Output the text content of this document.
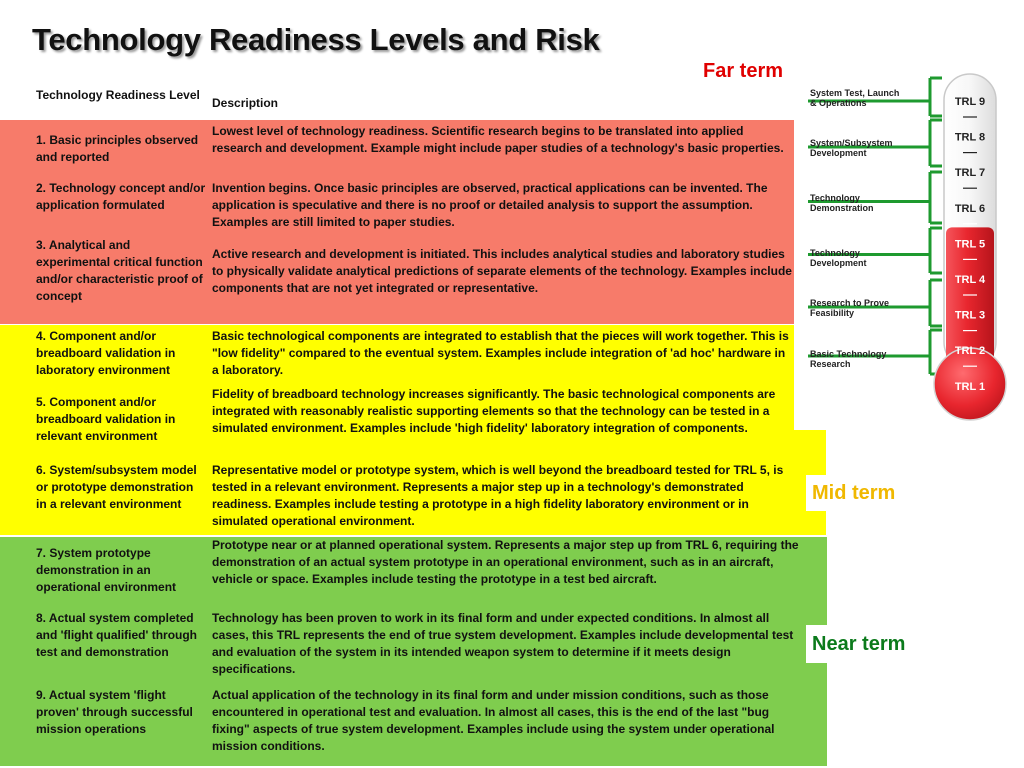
Technology Readiness Levels and Risk
Technology Readiness Level
Description
1. Basic principles observed and reported
Lowest level of technology readiness. Scientific research begins to be translated into applied research and development. Example might include paper studies of a technology's basic properties.
2. Technology concept and/or application formulated
Invention begins. Once basic principles are observed, practical applications can be invented. The application is speculative and there is no proof or detailed analysis to support the assumption. Examples are still limited to paper studies.
3. Analytical and experimental critical function and/or characteristic proof of concept
Active research and development is initiated. This includes analytical studies and laboratory studies to physically validate analytical predictions of separate elements of the technology. Examples include components that are not yet integrated or representative.
4. Component and/or breadboard validation in laboratory environment
Basic technological components are integrated to establish that the pieces will work together. This is "low fidelity" compared to the eventual system. Examples include integration of 'ad hoc' hardware in a laboratory.
5. Component and/or breadboard validation in relevant environment
Fidelity of breadboard technology increases significantly. The basic technological components are integrated with reasonably realistic supporting elements so that the technology can be tested in a simulated environment. Examples include 'high fidelity' laboratory integration of components.
6. System/subsystem model or prototype demonstration in a relevant environment
Representative model or prototype system, which is well beyond the breadboard tested for TRL 5, is tested in a relevant environment. Represents a major step up in a technology's demonstrated readiness. Examples include testing a prototype in a high fidelity laboratory environment or in simulated operational environment.
7. System prototype demonstration in an operational environment
Prototype near or at planned operational system. Represents a major step up from TRL 6, requiring the demonstration of an actual system prototype in an operational environment, such as in an aircraft, vehicle or space. Examples include testing the prototype in a test bed aircraft.
8. Actual system completed and 'flight qualified' through test and demonstration
Technology has been proven to work in its final form and under expected conditions. In almost all cases, this TRL represents the end of true system development. Examples include developmental test and evaluation of the system in its intended weapon system to determine if it meets design specifications.
9. Actual system 'flight proven' through successful mission operations
Actual application of the technology in its final form and under mission conditions, such as those encountered in operational test and evaluation. In almost all cases, this is the end of the last "bug fixing" aspects of true system development. Examples include using the system under operational mission conditions.
Far term
Mid term
Near term
System Test, Launch & Operations
System/Subsystem Development
Technology Demonstration
Technology Development
Research to Prove Feasibility
Basic Technology Research
TRL 9
TRL 8
TRL 7
TRL 6
TRL 5
TRL 4
TRL 3
TRL 2
TRL 1
